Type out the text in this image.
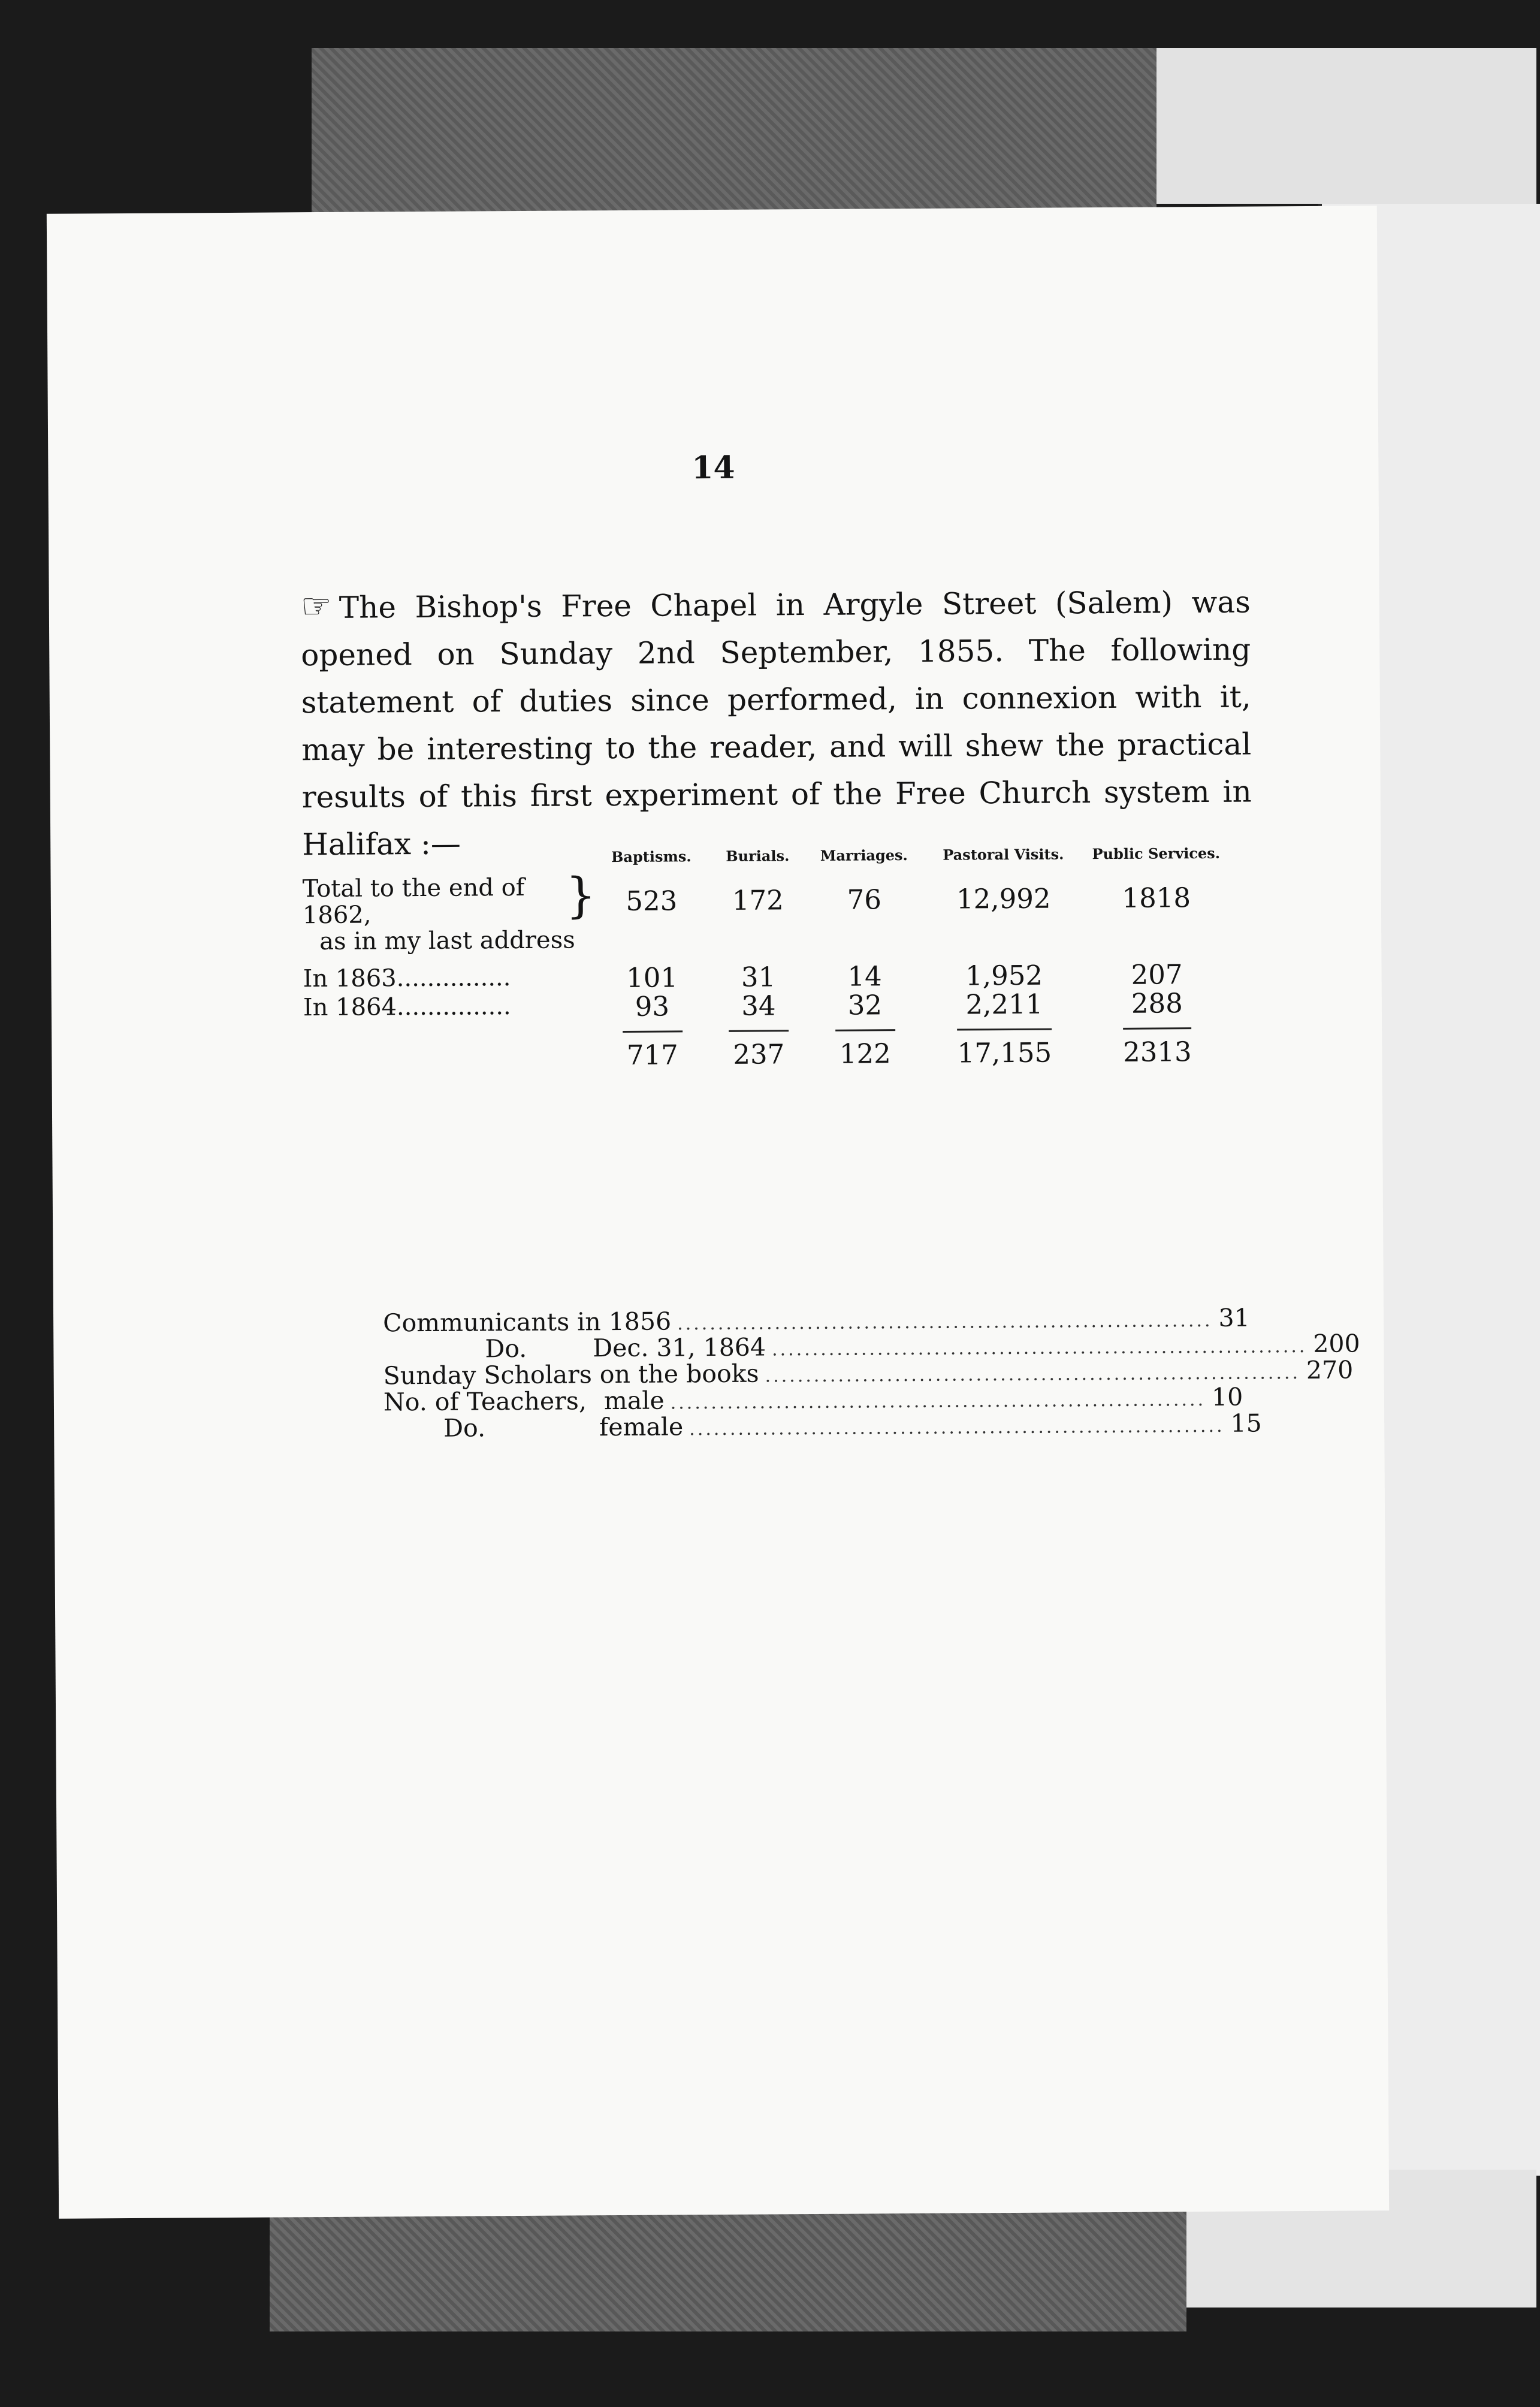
14
☞ The Bishop's Free Chapel in Argyle Street (Salem) was opened on Sunday 2nd September, 1855. The following statement of duties since performed, in connexion with it, may be interesting to the reader, and will shew the practical results of this first experiment of the Free Church system in Halifax :—
		Baptisms.	Burials.	Marriages.	Pastoral Visits.	Public Services.

}
Total to the end of 1862,
as in my last address	523	172	76	12,992	1818
In 1863...............	101	31	14	1,952	207
In 1864...............	93	34	32	2,211	288
	717	237	122	17,155	2313
Communicants in 1856 .................................................................. 31
Do.	Dec. 31, 1864 .................................................................. 200
Sunday Scholars on the books .................................................................. 270
No. of Teachers, male .................................................................. 10
Do.	female .................................................................. 15
